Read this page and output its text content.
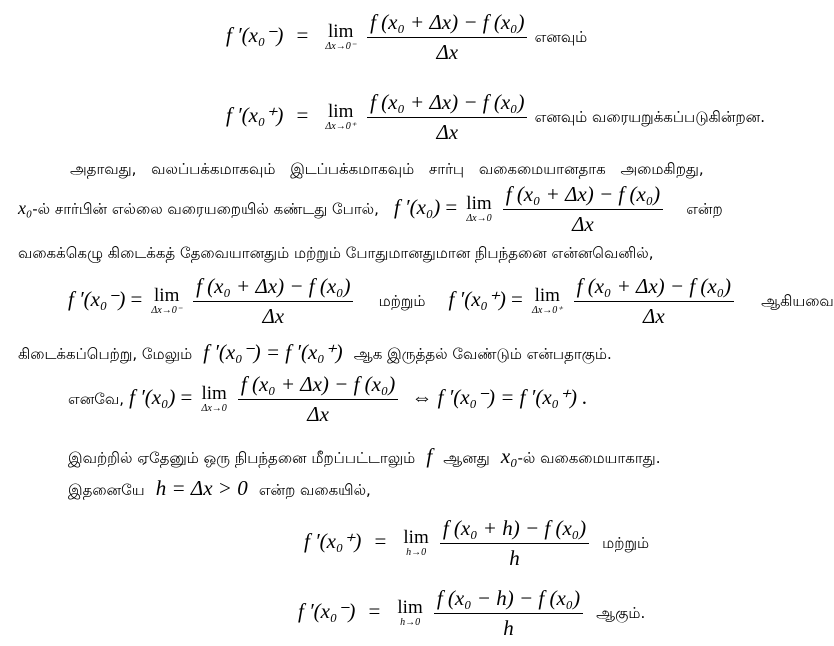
f ′(x₀⁻) = lim
Δx→0⁻
$\frac{\text{f (x₀ + Δx) − f (x₀)}}{\Delta x}$ எனவும்
f ′(x₀⁺) = lim
Δx→0⁺
$\frac{\text{f (x₀ + Δx) − f (x₀)}}{\Delta x}$ எனவும் வரையறுக்கப்படுகின்றன.
அதாவது, வலப்பக்கமாகவும் இடப்பக்கமாகவும் சார்பு வகைமையானதாக அமைகிறது,
x₀-ல் சார்பின் எல்லை வரையறையில் கண்டது போல், f ′(x₀) = lim
Δx→0
$\frac{\text{f (x₀ + Δx) − f (x₀)}}{\Delta x}$ என்ற
வகைக்கெழு கிடைக்கத் தேவையானதும் மற்றும் போதுமானதுமான நிபந்தனை என்னவெனில்,
f ′(x₀⁻) = lim
Δx→0⁻
$\frac{\text{f (x₀ + Δx) − f (x₀)}}{\Delta x}$ மற்றும் f ′(x₀⁺) = lim
Δx→0⁺
$\frac{\text{f (x₀ + Δx) − f (x₀)}}{\Delta x}$ ஆகியவை
கிடைக்கப்பெற்று, மேலும் f ′(x₀⁻) = f ′(x₀⁺) ஆக இருத்தல் வேண்டும் என்பதாகும்.
எனவே, f ′(x₀) = lim
Δx→0
$\frac{\text{f (x₀ + Δx) − f (x₀)}}{\Delta x}$ ⇔ f ′(x₀⁻) = f ′(x₀⁺) .
இவற்றில் ஏதேனும் ஒரு நிபந்தனை மீறப்பட்டாலும் f ஆனது x₀-ல் வகைமையாகாது.
இதனையே h = Δx > 0 என்ற வகையில்,
f ′(x₀⁺) = lim
h→0
$\frac{\text{f (x₀ + h) − f (x₀)}}{h}$ மற்றும்
f ′(x₀⁻) = lim
h→0
$\frac{\text{f (x₀ − h) − f (x₀)}}{h}$ ஆகும்.
